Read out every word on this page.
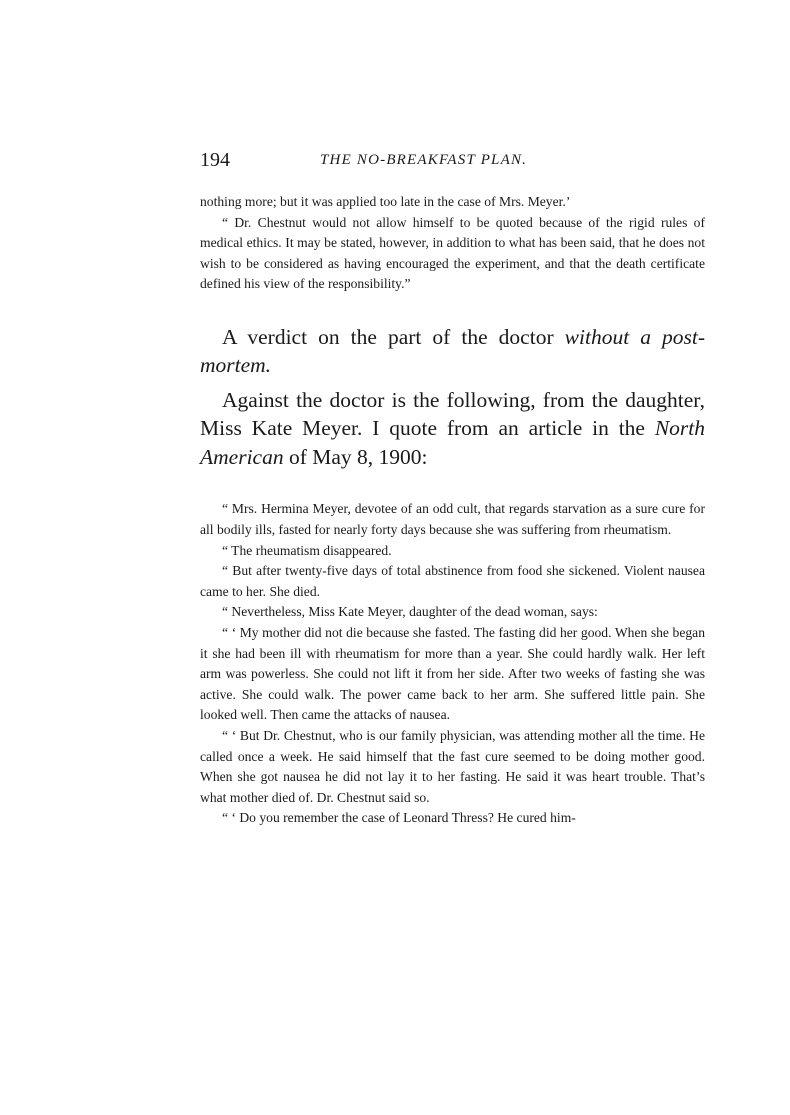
194	THE NO-BREAKFAST PLAN.

nothing more; but it was applied too late in the case of Mrs. Meyer.’

“ Dr. Chestnut would not allow himself to be quoted because of the rigid rules of medical ethics. It may be stated, however, in addition to what has been said, that he does not wish to be considered as having encouraged the experiment, and that the death certificate defined his view of the responsibility.”

A verdict on the part of the doctor without a post-mortem.

Against the doctor is the following, from the daughter, Miss Kate Meyer. I quote from an article in the North American of May 8, 1900:

“ Mrs. Hermina Meyer, devotee of an odd cult, that regards starvation as a sure cure for all bodily ills, fasted for nearly forty days because she was suffering from rheumatism.

“ The rheumatism disappeared.

“ But after twenty-five days of total abstinence from food she sickened. Violent nausea came to her. She died.

“ Nevertheless, Miss Kate Meyer, daughter of the dead woman, says:

“ ‘ My mother did not die because she fasted. The fasting did her good. When she began it she had been ill with rheumatism for more than a year. She could hardly walk. Her left arm was powerless. She could not lift it from her side. After two weeks of fasting she was active. She could walk. The power came back to her arm. She suffered little pain. She looked well. Then came the attacks of nausea.

“ ‘ But Dr. Chestnut, who is our family physician, was attending mother all the time. He called once a week. He said himself that the fast cure seemed to be doing mother good. When she got nausea he did not lay it to her fasting. He said it was heart trouble. That’s what mother died of. Dr. Chestnut said so.

“ ‘ Do you remember the case of Leonard Thress? He cured him-
